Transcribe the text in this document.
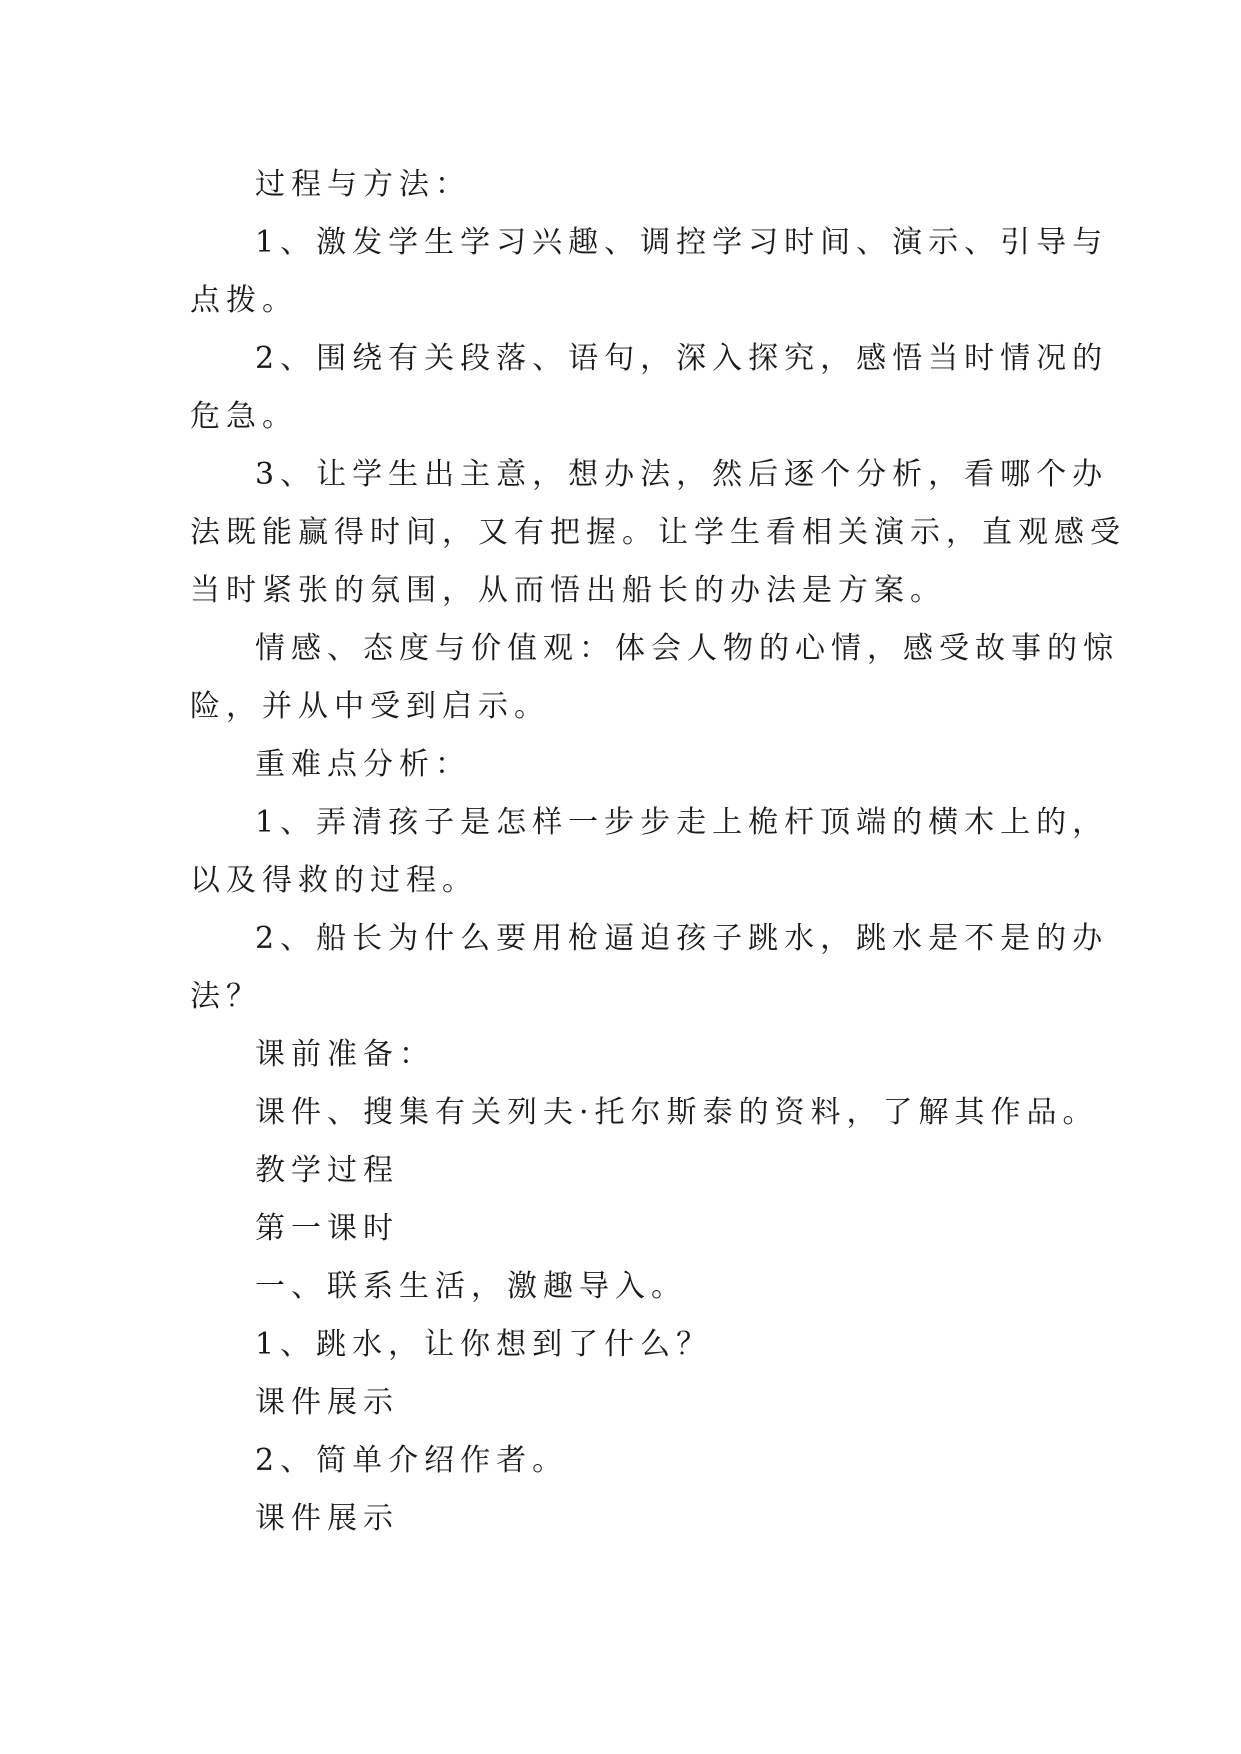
过程与方法：
1、激发学生学习兴趣、调控学习时间、演示、引导与
点拨。
2、围绕有关段落、语句，深入探究，感悟当时情况的
危急。
3、让学生出主意，想办法，然后逐个分析，看哪个办
法既能赢得时间，又有把握。让学生看相关演示，直观感受
当时紧张的氛围，从而悟出船长的办法是方案。
情感、态度与价值观：体会人物的心情，感受故事的惊
险，并从中受到启示。
重难点分析：
1、弄清孩子是怎样一步步走上桅杆顶端的横木上的，
以及得救的过程。
2、船长为什么要用枪逼迫孩子跳水，跳水是不是的办
法？
课前准备：
课件、搜集有关列夫·托尔斯泰的资料，了解其作品。
教学过程
第一课时
一、联系生活，激趣导入。
1、跳水，让你想到了什么？
课件展示
2、简单介绍作者。
课件展示
